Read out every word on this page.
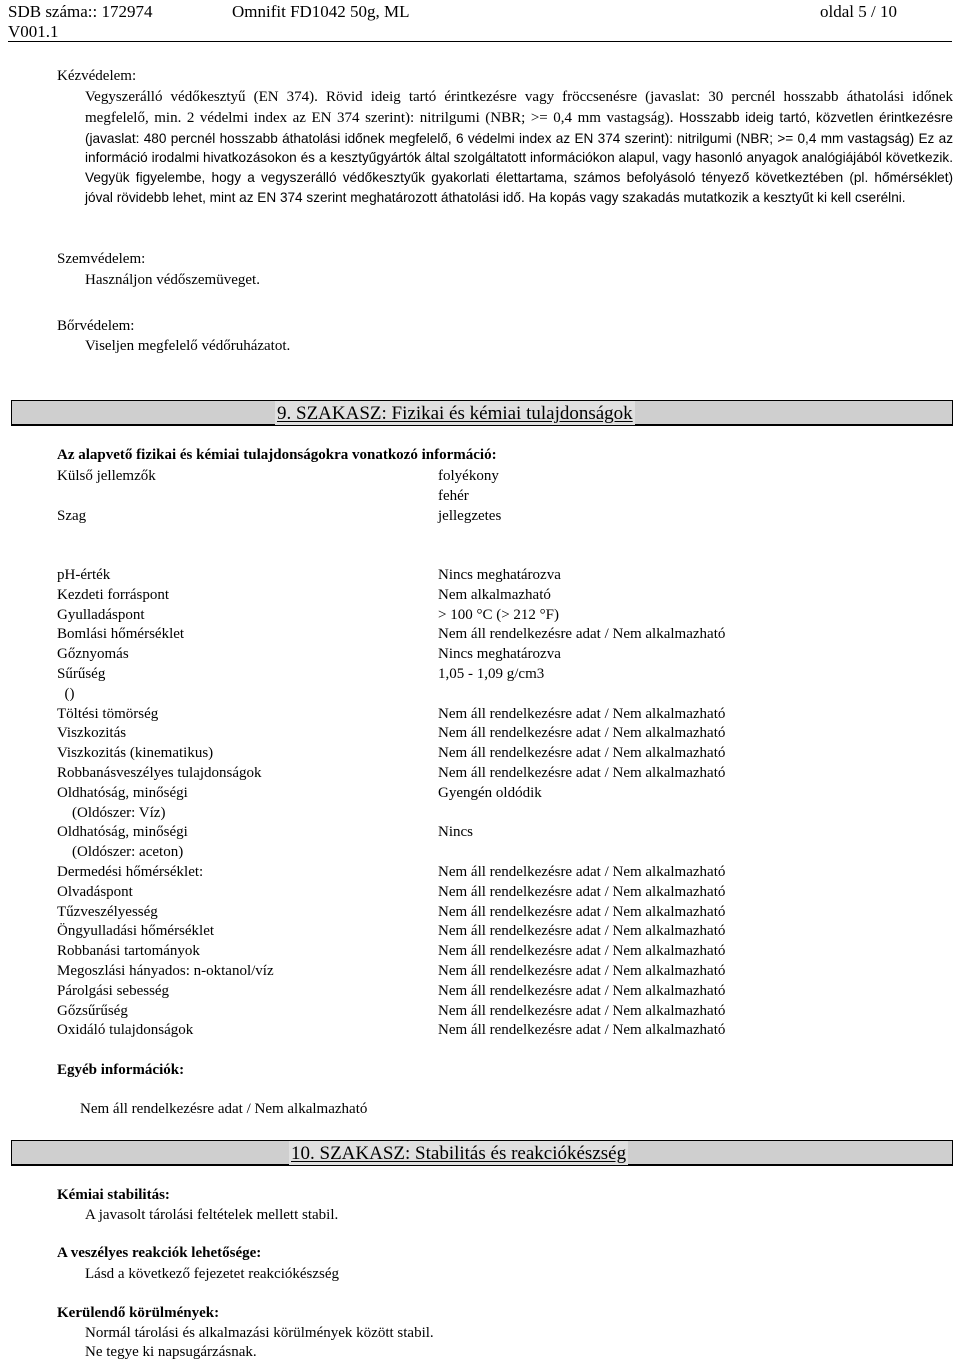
SDB száma:: 172974	Omnifit FD1042 50g, ML	oldal 5 / 10
V001.1
Kézvédelem:
Vegyszerálló védőkesztyű (EN 374). Rövid ideig tartó érintkezésre vagy fröccsenésre (javaslat: 30 percnél hosszabb áthatolási időnek megfelelő, min. 2 védelmi index az EN 374 szerint): nitrilgumi (NBR; >= 0,4 mm vastagság). Hosszabb ideig tartó, közvetlen érintkezésre (javaslat: 480 percnél hosszabb áthatolási időnek megfelelő, 6 védelmi index az EN 374 szerint): nitrilgumi (NBR; >= 0,4 mm vastagság) Ez az információ irodalmi hivatkozásokon és a kesztyűgyártók által szolgáltatott információkon alapul, vagy hasonló anyagok analógiájából következik. Vegyük figyelembe, hogy a vegyszerálló védőkesztyűk gyakorlati élettartama, számos befolyásoló tényező következtében (pl. hőmérséklet) jóval rövidebb lehet, mint az EN 374 szerint meghatározott áthatolási idő. Ha kopás vagy szakadás mutatkozik a kesztyűt ki kell cserélni.
Szemvédelem:
Használjon védőszemüveget.
Bőrvédelem:
Viseljen megfelelő védőruházatot.
9. SZAKASZ: Fizikai és kémiai tulajdonságok
Az alapvető fizikai és kémiai tulajdonságokra vonatkozó információ:
Külső jellemzők	folyékony
fehér
Szag	jellegzetes
pH-érték	Nincs meghatározva
Kezdeti forráspont	Nem alkalmazható
Gyulladáspont	> 100 °C (> 212 °F)
Bomlási hőmérséklet	Nem áll rendelkezésre adat / Nem alkalmazható
Gőznyomás	Nincs meghatározva
Sűrűség	1,05 - 1,09 g/cm3
()
Töltési tömörség	Nem áll rendelkezésre adat / Nem alkalmazható
Viszkozitás	Nem áll rendelkezésre adat / Nem alkalmazható
Viszkozitás (kinematikus)	Nem áll rendelkezésre adat / Nem alkalmazható
Robbanásveszélyes tulajdonságok	Nem áll rendelkezésre adat / Nem alkalmazható
Oldhatóság, minőségi	Gyengén oldódik
(Oldószer: Víz)
Oldhatóság, minőségi	Nincs
(Oldószer: aceton)
Dermedési hőmérséklet:	Nem áll rendelkezésre adat / Nem alkalmazható
Olvadáspont	Nem áll rendelkezésre adat / Nem alkalmazható
Tűzveszélyesség	Nem áll rendelkezésre adat / Nem alkalmazható
Öngyulladási hőmérséklet	Nem áll rendelkezésre adat / Nem alkalmazható
Robbanási tartományok	Nem áll rendelkezésre adat / Nem alkalmazható
Megoszlási hányados: n-oktanol/víz	Nem áll rendelkezésre adat / Nem alkalmazható
Párolgási sebesség	Nem áll rendelkezésre adat / Nem alkalmazható
Gőzsűrűség	Nem áll rendelkezésre adat / Nem alkalmazható
Oxidáló tulajdonságok	Nem áll rendelkezésre adat / Nem alkalmazható
Egyéb információk:
Nem áll rendelkezésre adat / Nem alkalmazható
10. SZAKASZ: Stabilitás és reakciókészség
Kémiai stabilitás:
A javasolt tárolási feltételek mellett stabil.
A veszélyes reakciók lehetősége:
Lásd a következő fejezetet reakciókészség
Kerülendő körülmények:
Normál tárolási és alkalmazási körülmények között stabil.
Ne tegye ki napsugárzásnak.
